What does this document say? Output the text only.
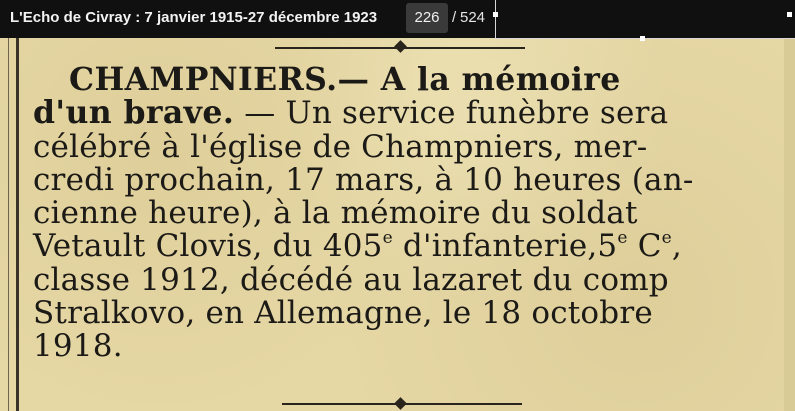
L'Echo de Civray : 7 janvier 1915-27 décembre 1923
226	/ 524
CHAMPNIERS.— A la mémoire
d'un brave. — Un service funèbre sera
célébré à l'église de Champniers, mer-
credi prochain, 17 mars, à 10 heures (an-
cienne heure), à la mémoire du soldat
Vetault Clovis, du 405e d'infanterie,5e Ce,
classe 1912, décédé au lazaret du comp
Stralkovo, en Allemagne, le 18 octobre
1918.
